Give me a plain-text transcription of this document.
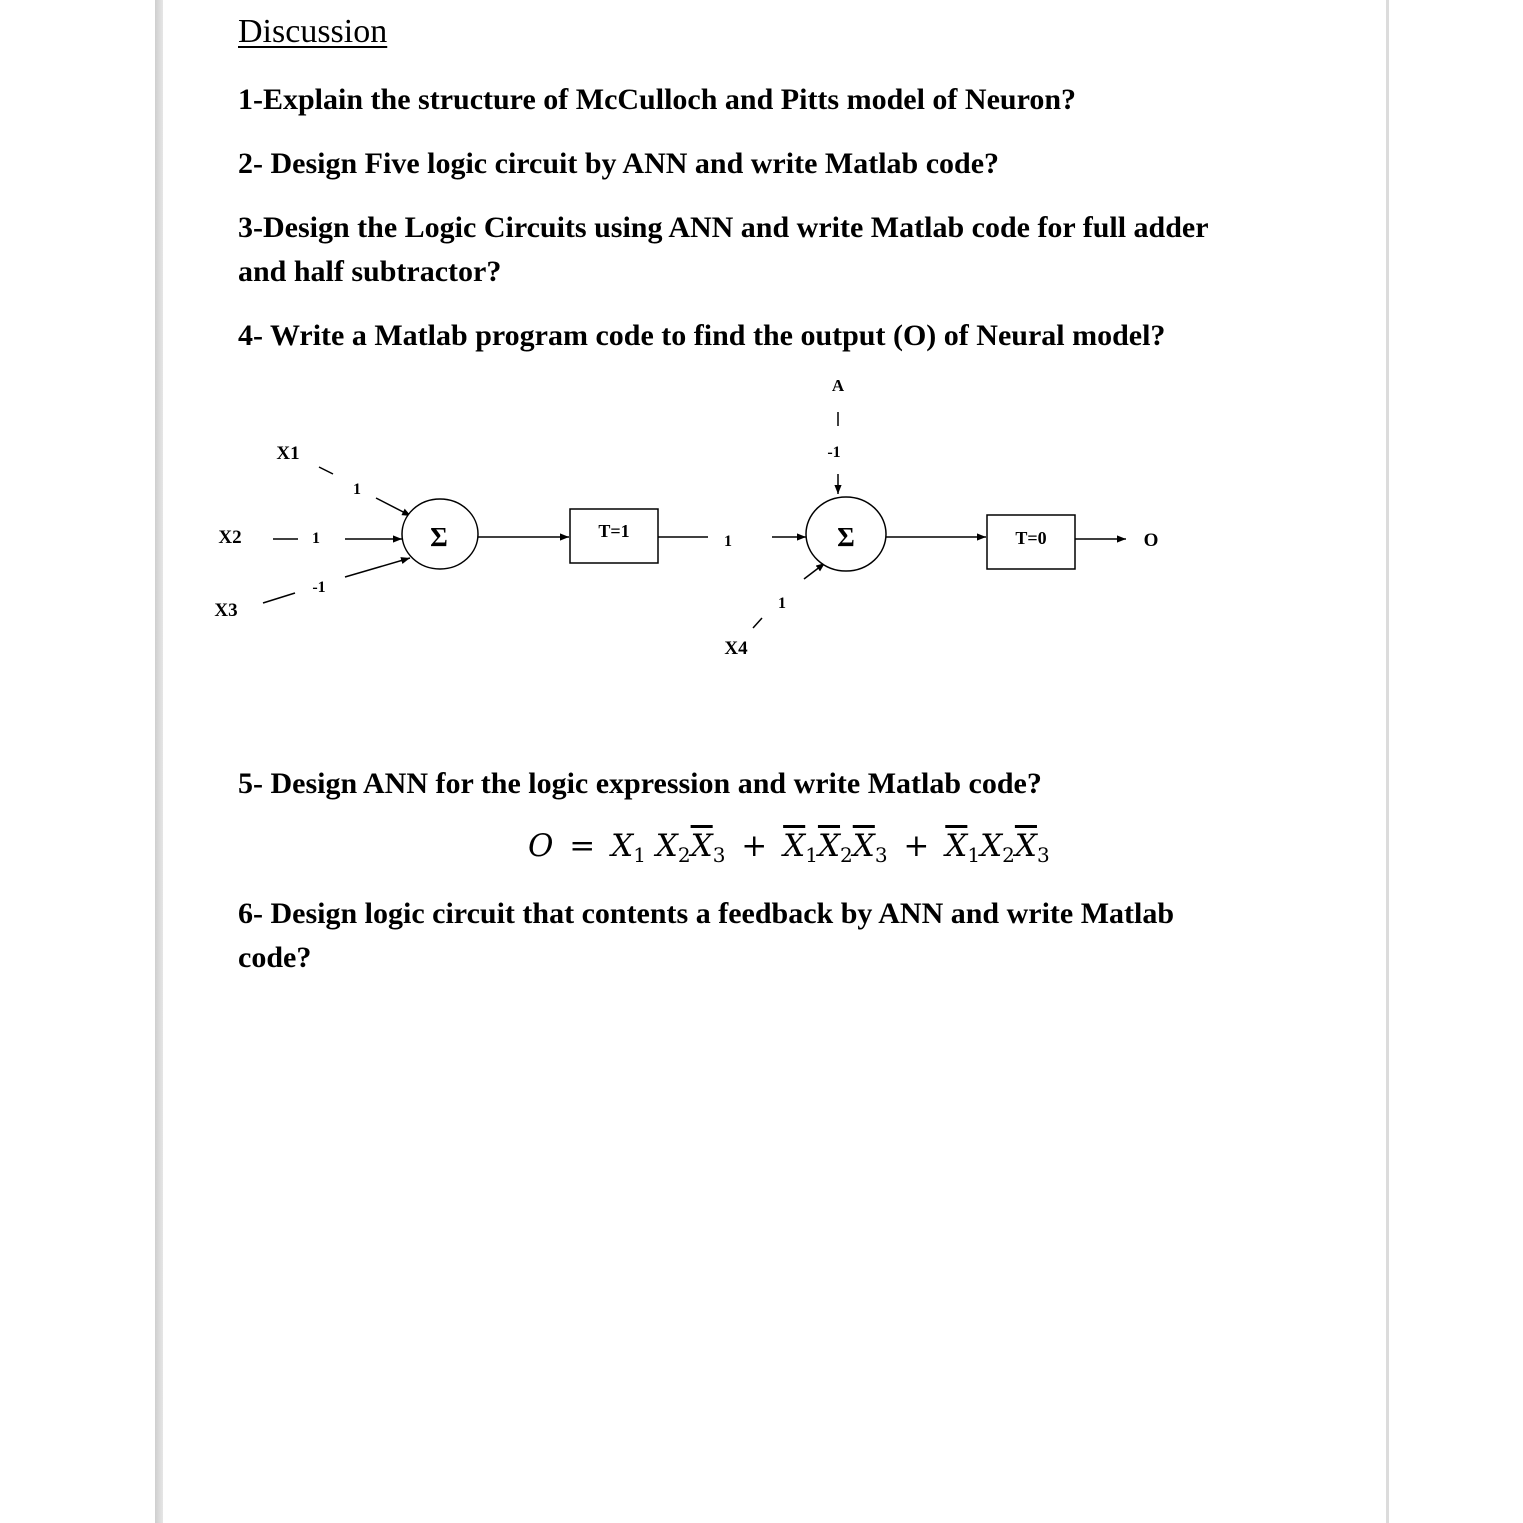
Discussion

1-Explain the structure of McCulloch and Pitts model of Neuron?

2- Design Five logic circuit by ANN and write Matlab code?

3-Design the Logic Circuits using ANN and write Matlab code for full adder

and half subtractor?

4- Write a Matlab program code to find the output (O) of Neural model?

X1
X2
X3
X4
A
1
1
-1
1
1
-1
Σ	T=1	Σ	T=0	O

5- Design ANN for the logic expression and write Matlab code?

$O = X_1$ $X_2\overline{X}_3 + \overline{X}_1\overline{X}_2\overline{X}_3 + \overline{X}_1X_2\overline{X}_3$

6- Design logic circuit that contents a feedback by ANN and write Matlab

code?
